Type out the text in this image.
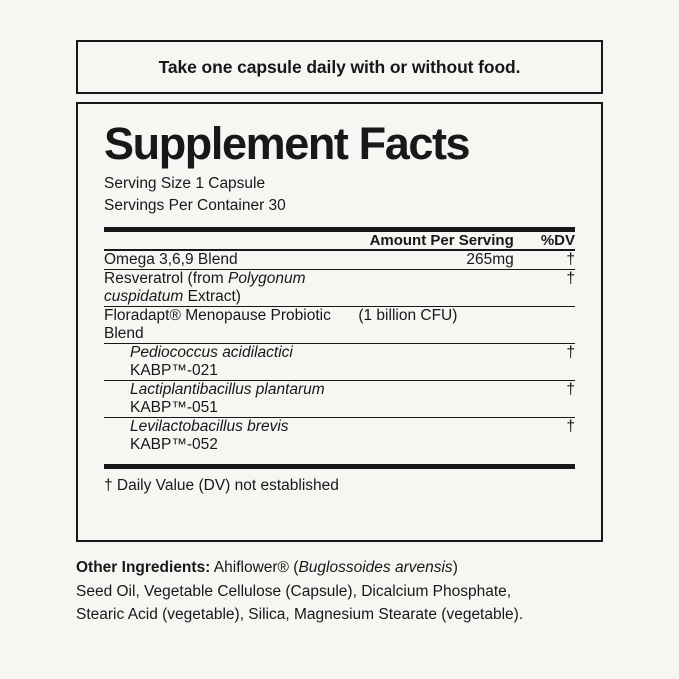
Take one capsule daily with or without food.
Supplement Facts
Serving Size 1 Capsule
Servings Per Container 30
	Amount Per Serving	%DV

Omega 3,6,9 Blend	265mg	†

Resveratrol (from Polygonum cuspidatum Extract)		†

Floradapt® Menopause Probiotic Blend	(1 billion CFU)	

Pediococcus acidilactici KABP™-021		†

Lactiplantibacillus plantarum KABP™-051		†

Levilactobacillus brevis KABP™-052		†
† Daily Value (DV) not established
Other Ingredients: Ahiflower® (Buglossoides arvensis)
Seed Oil, Vegetable Cellulose (Capsule), Dicalcium Phosphate,
Stearic Acid (vegetable), Silica, Magnesium Stearate (vegetable).
